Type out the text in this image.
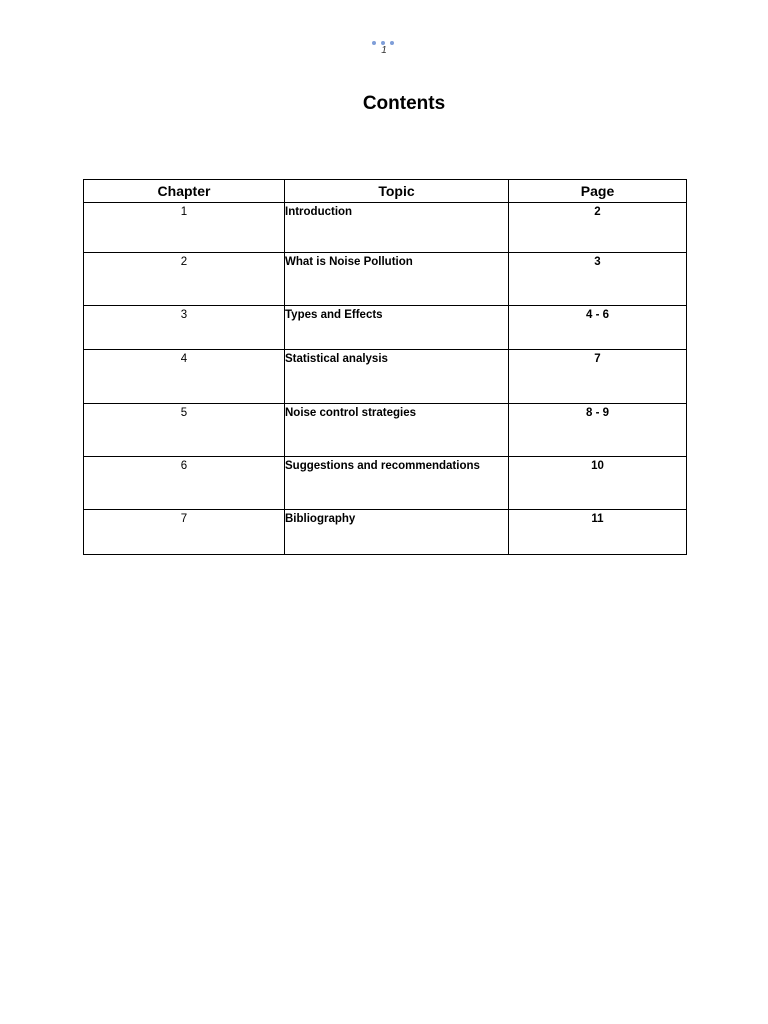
1
Contents
Chapter	Topic	Page
1	Introduction	2
2	What is Noise Pollution	3
3	Types and Effects	4 - 6
4	Statistical analysis	7
5	Noise control strategies	8 - 9
6	Suggestions and recommendations	10
7	Bibliography	11
